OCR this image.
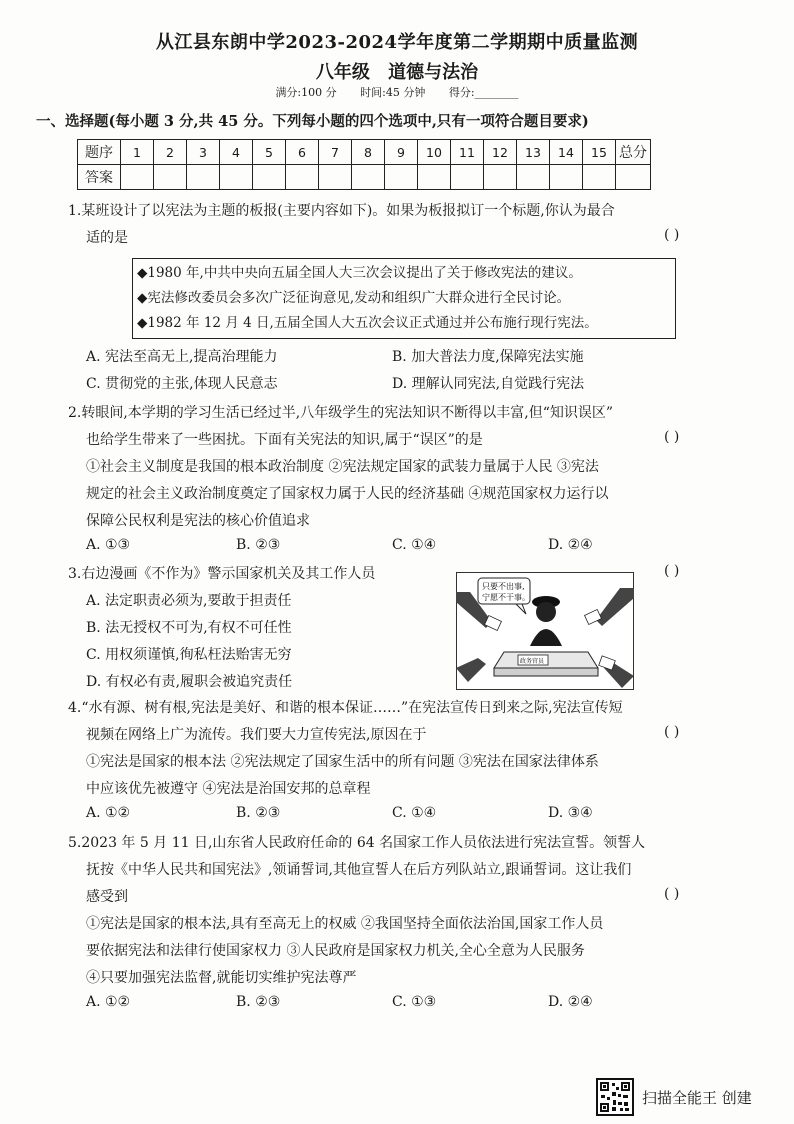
从江县东朗中学2023-2024学年度第二学期期中质量监测
八年级 道德与法治
满分:100 分 时间:45 分钟 得分:________
一、选择题(每小题 3 分,共 45 分。下列每小题的四个选项中,只有一项符合题目要求)
题序	1	2	3	4	5	6	7	8	9	10	11	12	13	14	15	总分
答案																
1.某班设计了以宪法为主题的板报(主要内容如下)。如果为板报拟订一个标题,你认为最合
适的是	( )
◆1980 年,中共中央向五届全国人大三次会议提出了关于修改宪法的建议。
◆宪法修改委员会多次广泛征询意见,发动和组织广大群众进行全民讨论。
◆1982 年 12 月 4 日,五届全国人大五次会议正式通过并公布施行现行宪法。
A. 宪法至高无上,提高治理能力	B. 加大普法力度,保障宪法实施
C. 贯彻党的主张,体现人民意志	D. 理解认同宪法,自觉践行宪法
2.转眼间,本学期的学习生活已经过半,八年级学生的宪法知识不断得以丰富,但“知识误区”
也给学生带来了一些困扰。下面有关宪法的知识,属于“误区”的是	( )
①社会主义制度是我国的根本政治制度 ②宪法规定国家的武装力量属于人民 ③宪法
规定的社会主义政治制度奠定了国家权力属于人民的经济基础 ④规范国家权力运行以
保障公民权利是宪法的核心价值追求
A. ①③	B. ②③	C. ①④	D. ②④
3.右边漫画《不作为》警示国家机关及其工作人员	( )
A. 法定职责必须为,要敢于担责任
B. 法无授权不可为,有权不可任性
C. 用权须谨慎,徇私枉法贻害无穷
D. 有权必有责,履职会被追究责任
只要不出事,
宁愿不干事。
政务官员
4.“水有源、树有根,宪法是美好、和谐的根本保证……”在宪法宣传日到来之际,宪法宣传短
视频在网络上广为流传。我们要大力宣传宪法,原因在于	( )
①宪法是国家的根本法 ②宪法规定了国家生活中的所有问题 ③宪法在国家法律体系
中应该优先被遵守 ④宪法是治国安邦的总章程
A. ①②	B. ②③	C. ①④	D. ③④
5.2023 年 5 月 11 日,山东省人民政府任命的 64 名国家工作人员依法进行宪法宣誓。领誓人
抚按《中华人民共和国宪法》,领诵誓词,其他宣誓人在后方列队站立,跟诵誓词。这让我们
感受到	( )
①宪法是国家的根本法,具有至高无上的权威 ②我国坚持全面依法治国,国家工作人员
要依据宪法和法律行使国家权力 ③人民政府是国家权力机关,全心全意为人民服务
④只要加强宪法监督,就能切实维护宪法尊严
A. ①②	B. ②③	C. ①③	D. ②④
扫描全能王 创建
